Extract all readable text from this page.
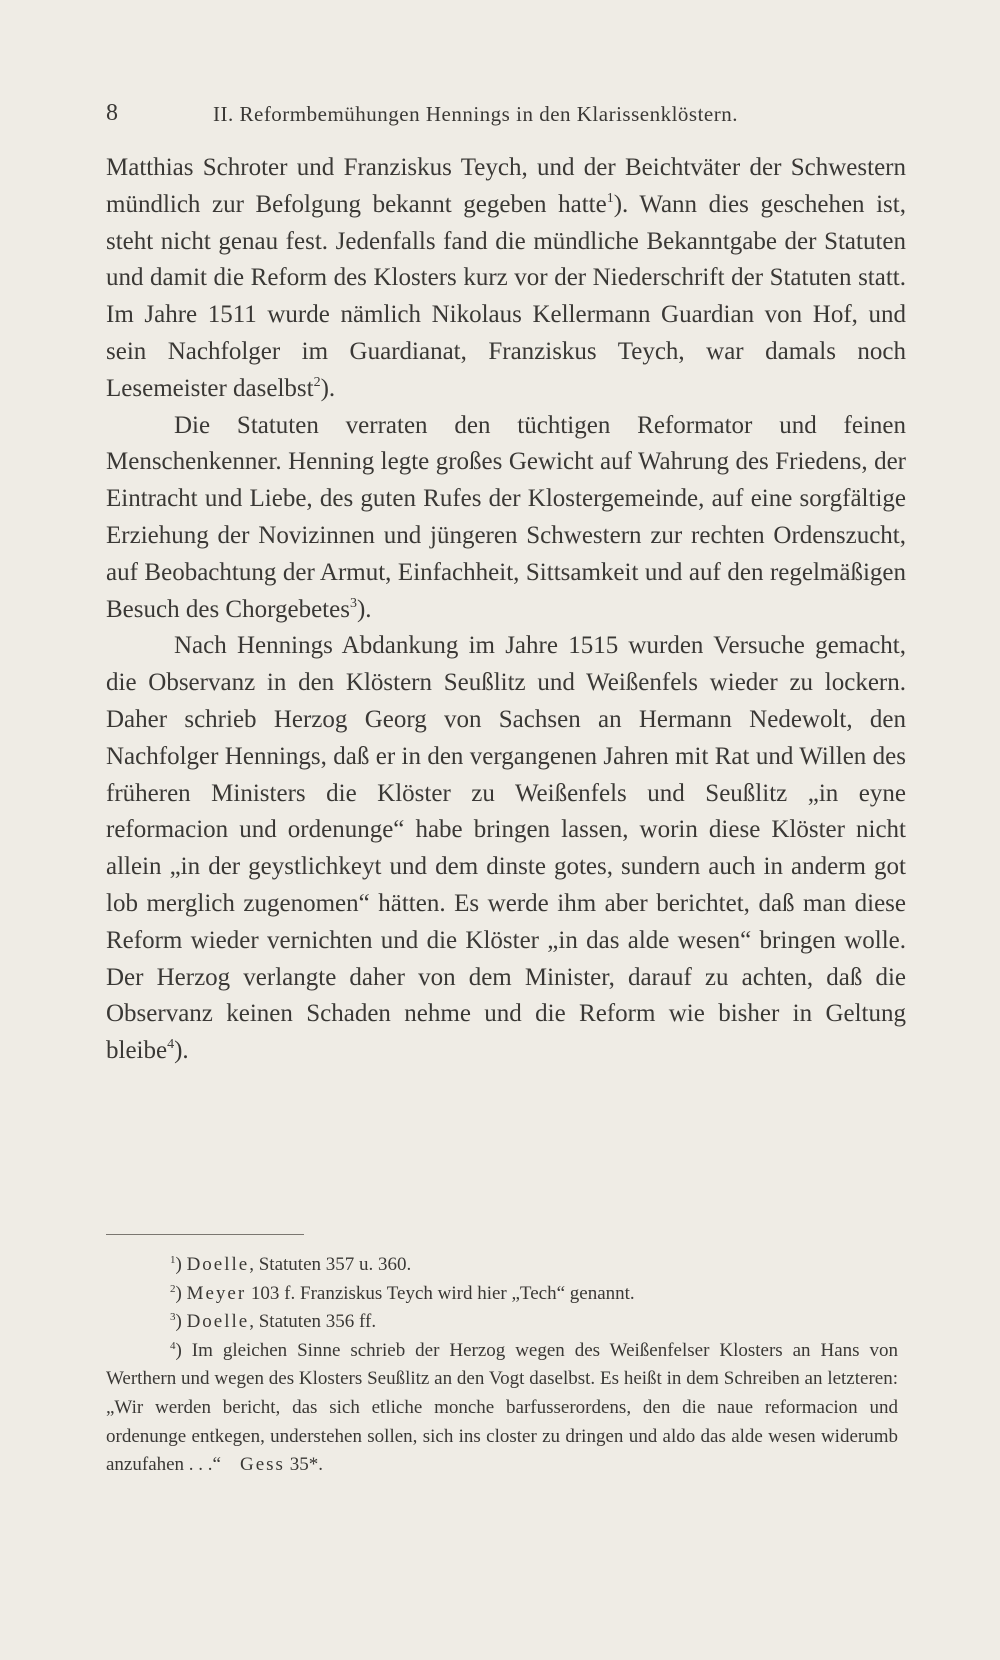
8	II. Reformbemühungen Hennings in den Klarissenklöstern.

Matthias Schroter und Franziskus Teych, und der Beichtväter der Schwestern mündlich zur Befolgung bekannt gegeben hatte$^1$). Wann dies geschehen ist, steht nicht genau fest. Jedenfalls fand die mündliche Bekanntgabe der Statuten und damit die Reform des Klosters kurz vor der Niederschrift der Statuten statt. Im Jahre 1511 wurde nämlich Nikolaus Kellermann Guardian von Hof, und sein Nachfolger im Guardianat, Franziskus Teych, war damals noch Lesemeister daselbst$^2$).

Die Statuten verraten den tüchtigen Reformator und feinen Menschenkenner. Henning legte großes Gewicht auf Wahrung des Friedens, der Eintracht und Liebe, des guten Rufes der Klostergemeinde, auf eine sorgfältige Erziehung der Novizinnen und jüngeren Schwestern zur rechten Ordenszucht, auf Beobachtung der Armut, Einfachheit, Sittsamkeit und auf den regelmäßigen Besuch des Chorgebetes$^3$).

Nach Hennings Abdankung im Jahre 1515 wurden Versuche gemacht, die Observanz in den Klöstern Seußlitz und Weißenfels wieder zu lockern. Daher schrieb Herzog Georg von Sachsen an Hermann Nedewolt, den Nachfolger Hennings, daß er in den vergangenen Jahren mit Rat und Willen des früheren Ministers die Klöster zu Weißenfels und Seußlitz „in eyne reformacion und ordenunge“ habe bringen lassen, worin diese Klöster nicht allein „in der geystlichkeyt und dem dinste gotes, sundern auch in anderm got lob merglich zugenomen“ hätten. Es werde ihm aber berichtet, daß man diese Reform wieder vernichten und die Klöster „in das alde wesen“ bringen wolle. Der Herzog verlangte daher von dem Minister, darauf zu achten, daß die Observanz keinen Schaden nehme und die Reform wie bisher in Geltung bleibe$^4$).

$^1$) Doelle, Statuten 357 u. 360.

$^2$) Meyer 103 f. Franziskus Teych wird hier „Tech“ genannt.

$^3$) Doelle, Statuten 356 ff.

$^4$) Im gleichen Sinne schrieb der Herzog wegen des Weißenfelser Klosters an Hans von Werthern und wegen des Klosters Seußlitz an den Vogt daselbst. Es heißt in dem Schreiben an letzteren: „Wir werden bericht, das sich etliche monche barfusserordens, den die naue reformacion und ordenunge entkegen, understehen sollen, sich ins closter zu dringen und aldo das alde wesen widerumb anzufahen . . .“ Gess 35*.
